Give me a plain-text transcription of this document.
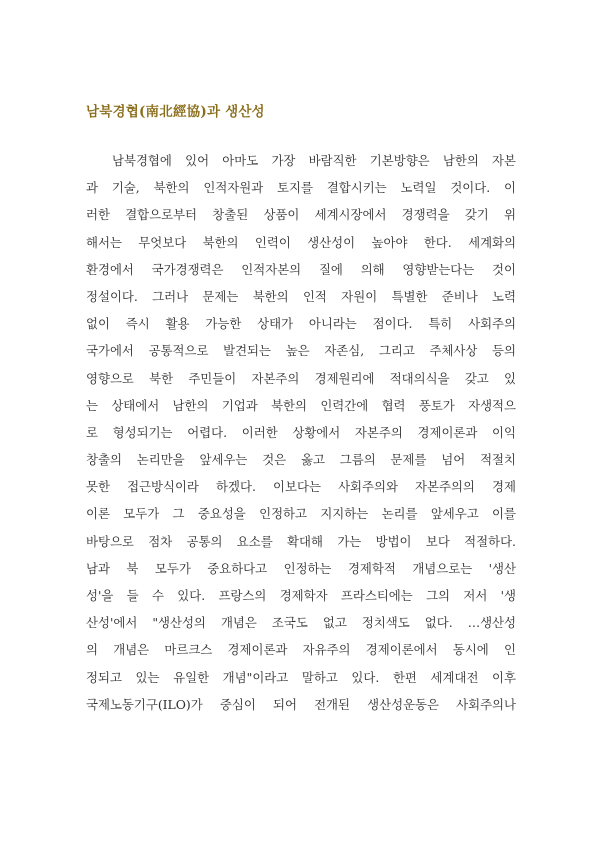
남북경협(南北經協)과 생산성
남북경협에 있어 아마도 가장 바람직한 기본방향은 남한의 자본
과 기술, 북한의 인적자원과 토지를 결합시키는 노력일 것이다. 이
러한 결합으로부터 창출된 상품이 세계시장에서 경쟁력을 갖기 위
해서는 무엇보다 북한의 인력이 생산성이 높아야 한다. 세계화의
환경에서 국가경쟁력은 인적자본의 질에 의해 영향받는다는 것이
정설이다. 그러나 문제는 북한의 인적 자원이 특별한 준비나 노력
없이 즉시 활용 가능한 상태가 아니라는 점이다. 특히 사회주의
국가에서 공통적으로 발견되는 높은 자존심, 그리고 주체사상 등의
영향으로 북한 주민들이 자본주의 경제원리에 적대의식을 갖고 있
는 상태에서 남한의 기업과 북한의 인력간에 협력 풍토가 자생적으
로 형성되기는 어렵다. 이러한 상황에서 자본주의 경제이론과 이익
창출의 논리만을 앞세우는 것은 옳고 그름의 문제를 넘어 적절치
못한 접근방식이라 하겠다. 이보다는 사회주의와 자본주의의 경제
이론 모두가 그 중요성을 인정하고 지지하는 논리를 앞세우고 이를
바탕으로 점차 공통의 요소를 확대해 가는 방법이 보다 적절하다.
남과 북 모두가 중요하다고 인정하는 경제학적 개념으로는 '생산
성'을 들 수 있다. 프랑스의 경제학자 프라스티에는 그의 저서 '생
산성'에서 "생산성의 개념은 조국도 없고 정치색도 없다. …생산성
의 개념은 마르크스 경제이론과 자유주의 경제이론에서 동시에 인
정되고 있는 유일한 개념"이라고 말하고 있다. 한편 세계대전 이후
국제노동기구(ILO)가 중심이 되어 전개된 생산성운동은 사회주의나
